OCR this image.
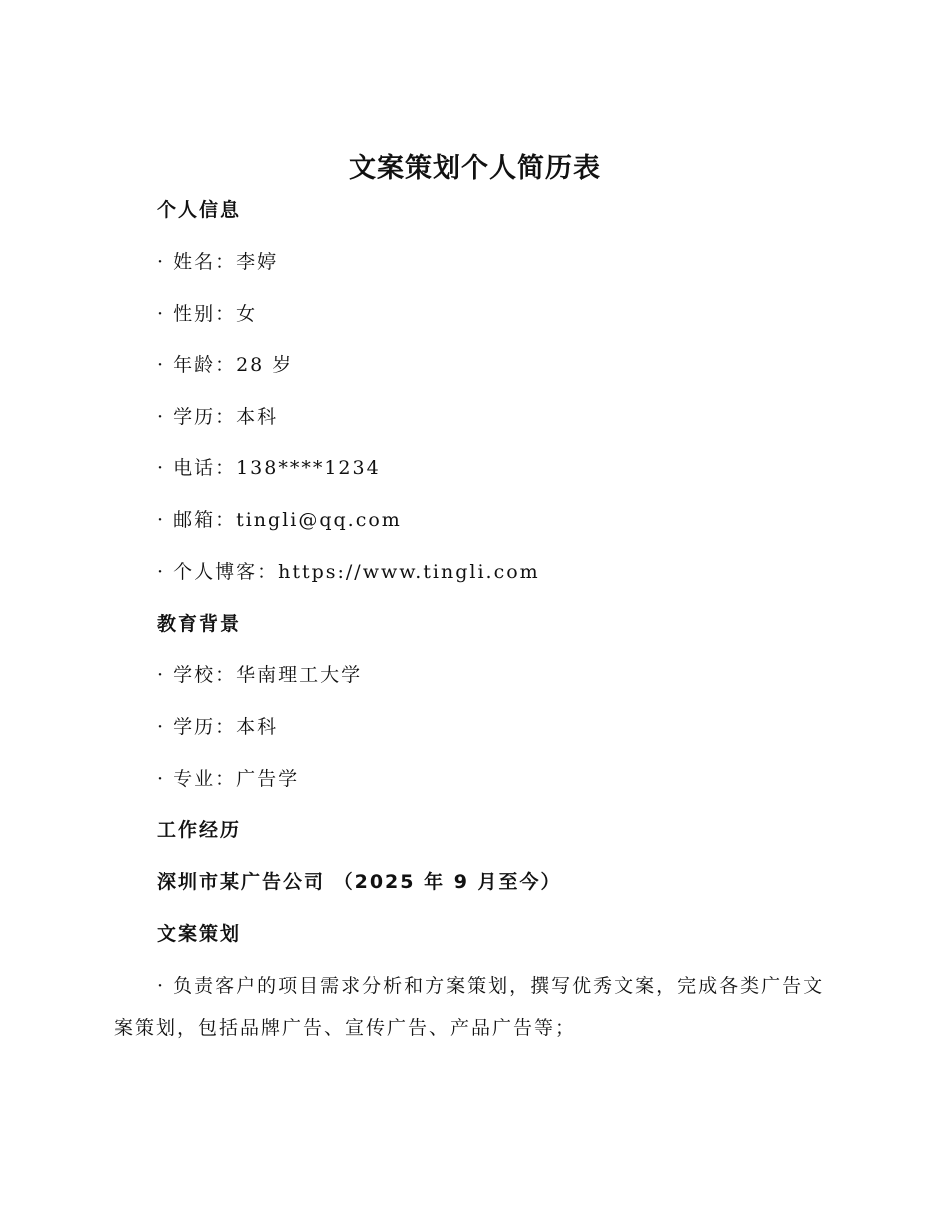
文案策划个人简历表
个人信息
· 姓名：李婷
· 性别：女
· 年龄：28 岁
· 学历：本科
· 电话：138****1234
· 邮箱：tingli@qq.com
· 个人博客：https://www.tingli.com
教育背景
· 学校：华南理工大学
· 学历：本科
· 专业：广告学
工作经历
深圳市某广告公司 （2025 年 9 月至今）
文案策划

· 负责客户的项目需求分析和方案策划，撰写优秀文案，完成各类广告文案策划，包括品牌广告、宣传广告、产品广告等；
